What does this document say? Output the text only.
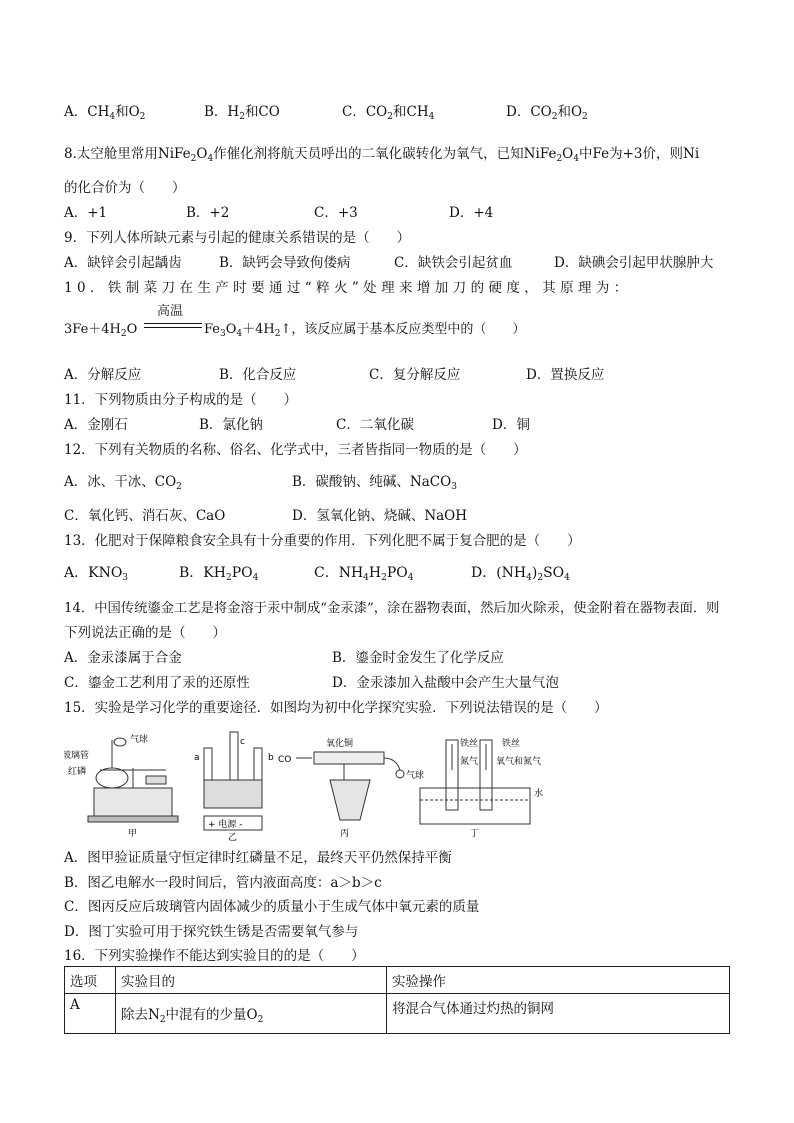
A．$CH_4$和$O_2$	B．$H_2$和CO	C．$CO_2$和$CH_4$	D．$CO_2$和$O_2$
8.太空舱里常用$NiFe_2O_4$作催化剂将航天员呼出的二氧化碳转化为氧气，已知$NiFe_2O_4$中Fe为+3价，则Ni
的化合价为（　　）
A．+1	B．+2	C．+3	D．+4
9．下列人体所缺元素与引起的健康关系错误的是（　　）
A．缺锌会引起龋齿	B．缺钙会导致佝偻病	C．缺铁会引起贫血	D．缺碘会引起甲状腺肿大
10．铁制菜刀在生产时要通过“粹火”处理来增加刀的硬度，其原理为：
$3Fe+4H_2O$
高温
$Fe_3O_4+4H_2↑$，该反应属于基本反应类型中的（　　）
A．分解反应	B．化合反应	C．复分解反应	D．置换反应
11．下列物质由分子构成的是（　　）
A．金刚石	B．氯化钠	C．二氧化碳	D．铜
12．下列有关物质的名称、俗名、化学式中，三者皆指同一物质的是（　　）
A．冰、干冰、$CO_2$	B．碳酸钠、纯碱、NaCO$_3$
C．氧化钙、消石灰、CaO	D．氢氧化钠、烧碱、NaOH
13．化肥对于保障粮食安全具有十分重要的作用．下列化肥不属于复合肥的是（　　）
A．$KNO_3$	B．$KH_2PO_4$	C．$NH_4H_2PO_4$	D．$(NH_4)_2SO_4$
14．中国传统鎏金工艺是将金溶于汞中制成“金汞漆”，涂在器物表面，然后加火除汞，使金附着在器物表面．则
下列说法正确的是（　　）
A．金汞漆属于合金	B．鎏金时金发生了化学反应
C．鎏金工艺利用了汞的还原性	D．金汞漆加入盐酸中会产生大量气泡
15．实验是学习化学的重要途径．如图均为初中化学探究实验．下列说法错误的是（　　）
玻璃管
红磷
气球
甲
a	b
c
+ 电源 -
乙
CO
氧化铜
气球
丙
铁丝	铁丝
氮气 氧气和氮气
水
丁
A．图甲验证质量守恒定律时红磷量不足，最终天平仍然保持平衡
B．图乙电解水一段时间后，管内液面高度：a＞b＞c
C．图丙反应后玻璃管内固体减少的质量小于生成气体中氧元素的质量
D．图丁实验可用于探究铁生锈是否需要氧气参与
16．下列实验操作不能达到实验目的的是（　　）
选项	实验目的	实验操作
A	除去$N_2$中混有的少量$O_2$	将混合气体通过灼热的铜网
